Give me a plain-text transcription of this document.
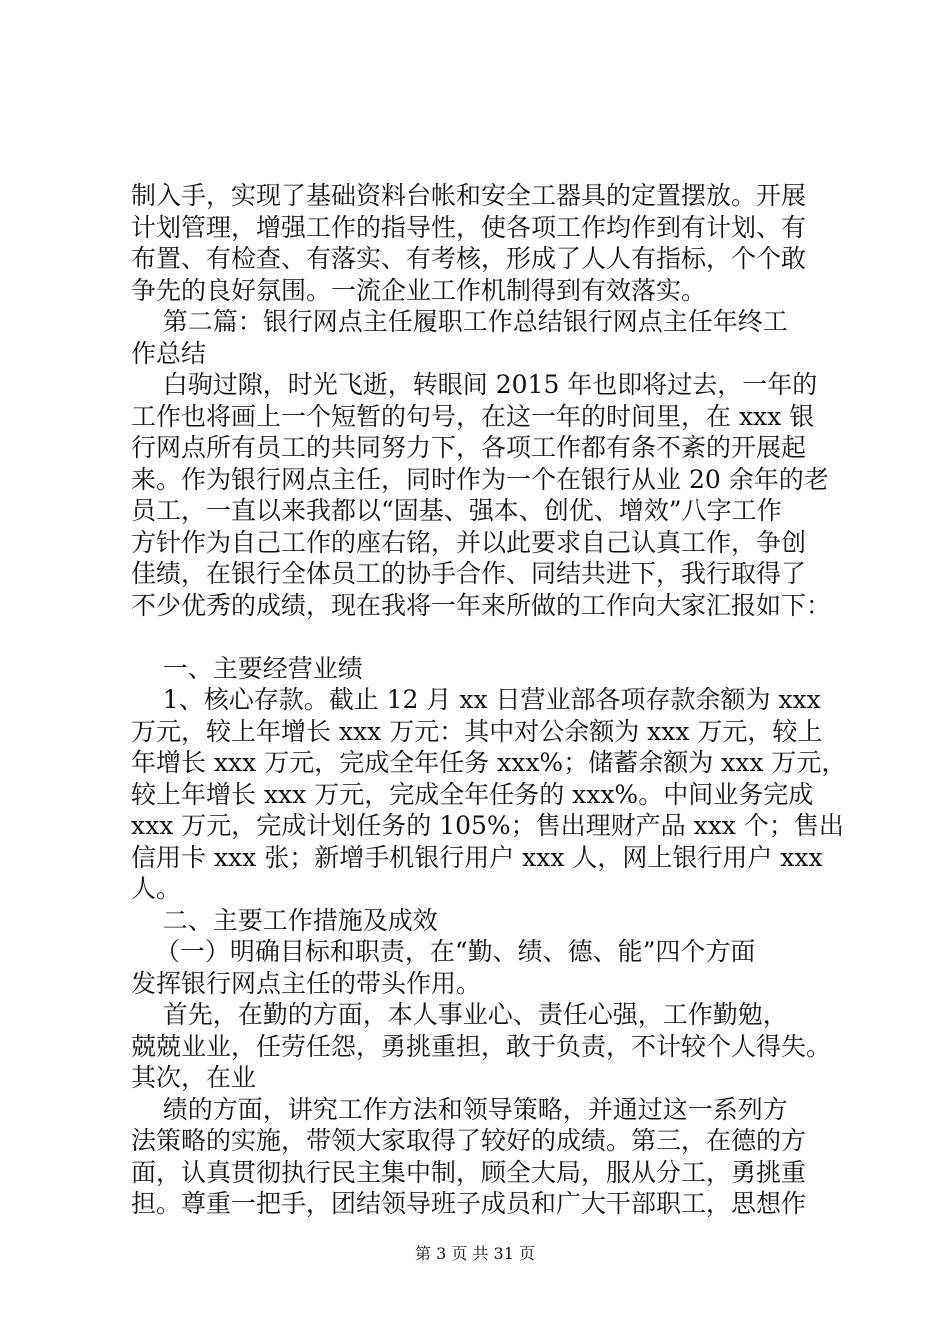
制入手，实现了基础资料台帐和安全工器具的定置摆放。开展
计划管理，增强工作的指导性，使各项工作均作到有计划、有
布置、有检查、有落实、有考核，形成了人人有指标，个个敢
争先的良好氛围。一流企业工作机制得到有效落实。
第二篇：银行网点主任履职工作总结银行网点主任年终工
作总结
白驹过隙，时光飞逝，转眼间 2015 年也即将过去，一年的
工作也将画上一个短暂的句号，在这一年的时间里，在 xxx 银
行网点所有员工的共同努力下，各项工作都有条不紊的开展起
来。作为银行网点主任，同时作为一个在银行从业 20 余年的老
员工，一直以来我都以“固基、强本、创优、增效”八字工作
方针作为自己工作的座右铭，并以此要求自己认真工作，争创
佳绩，在银行全体员工的协手合作、同结共进下，我行取得了
不少优秀的成绩，现在我将一年来所做的工作向大家汇报如下：
一、主要经营业绩
1、核心存款。截止 12 月 xx 日营业部各项存款余额为 xxx
万元，较上年增长 xxx 万元：其中对公余额为 xxx 万元，较上
年增长 xxx 万元，完成全年任务 xxx%；储蓄余额为 xxx 万元，
较上年增长 xxx 万元，完成全年任务的 xxx%。中间业务完成
xxx 万元，完成计划任务的 105%；售出理财产品 xxx 个；售出
信用卡 xxx 张；新增手机银行用户 xxx 人，网上银行用户 xxx
人。
二、主要工作措施及成效
（一）明确目标和职责，在“勤、绩、德、能”四个方面
发挥银行网点主任的带头作用。
首先，在勤的方面，本人事业心、责任心强，工作勤勉，
兢兢业业，任劳任怨，勇挑重担，敢于负责，不计较个人得失。
其次，在业
绩的方面，讲究工作方法和领导策略，并通过这一系列方
法策略的实施，带领大家取得了较好的成绩。第三，在德的方
面，认真贯彻执行民主集中制，顾全大局，服从分工，勇挑重
担。尊重一把手，团结领导班子成员和广大干部职工，思想作
第 3 页 共 31 页
